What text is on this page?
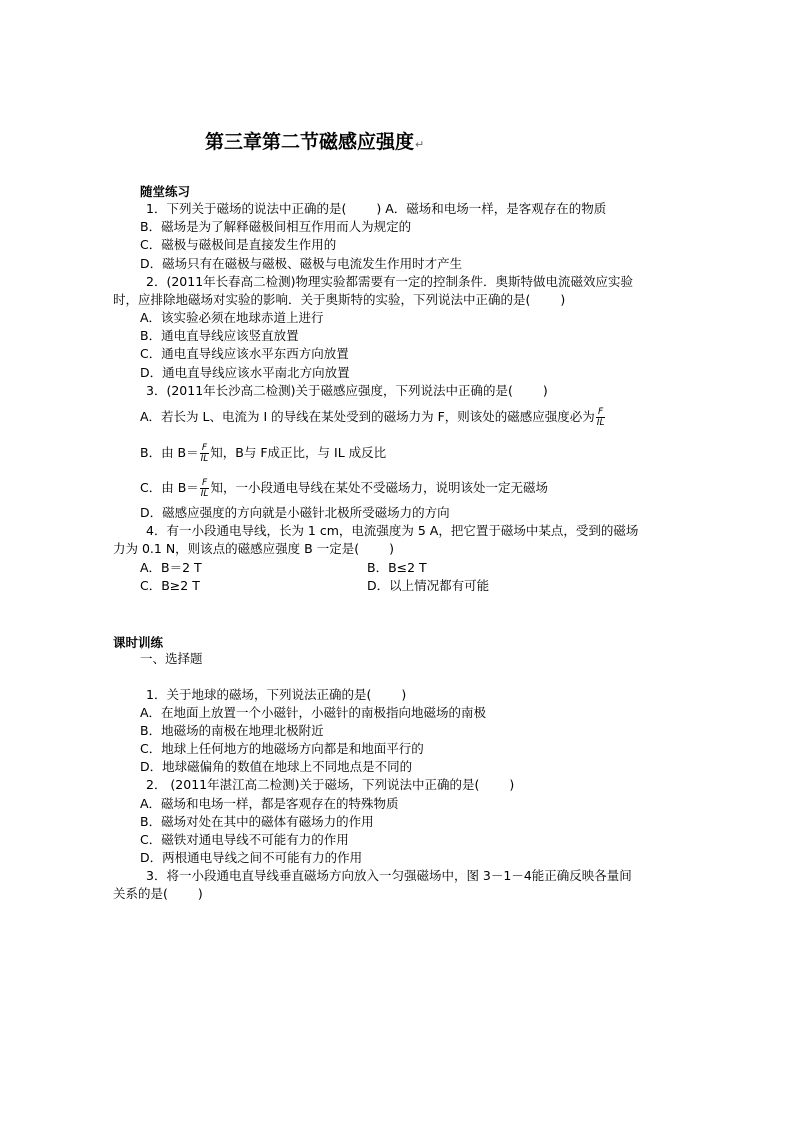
第三章第二节磁感应强度↵
随堂练习
1．下列关于磁场的说法中正确的是( ) A．磁场和电场一样，是客观存在的物质
B．磁场是为了解释磁极间相互作用而人为规定的
C．磁极与磁极间是直接发生作用的
D．磁场只有在磁极与磁极、磁极与电流发生作用时才产生
2．(2011年长春高二检测)物理实验都需要有一定的控制条件．奥斯特做电流磁效应实验
时，应排除地磁场对实验的影响．关于奥斯特的实验，下列说法中正确的是( )
A．该实验必须在地球赤道上进行
B．通电直导线应该竖直放置
C．通电直导线应该水平东西方向放置
D．通电直导线应该水平南北方向放置
3．(2011年长沙高二检测)关于磁感应强度，下列说法中正确的是( )
A．若长为 L、电流为 I 的导线在某处受到的磁场力为 F，则该处的磁感应强度必为 $\frac{F}{IL}$
B．由 $B= \frac{F}{IL}$ 知，B与 F成正比，与 IL 成反比
C．由 $B= \frac{F}{IL}$ 知，一小段通电导线在某处不受磁场力，说明该处一定无磁场
D．磁感应强度的方向就是小磁针北极所受磁场力的方向
4．有一小段通电导线，长为 1 cm，电流强度为 5 A，把它置于磁场中某点，受到的磁场
力为 0.1 N，则该点的磁感应强度 B 一定是( )
A．B＝2 T	B．B≤2 T
C．B≥2 T	D．以上情况都有可能
课时训练
一、选择题
1．关于地球的磁场，下列说法正确的是( )
A．在地面上放置一个小磁针，小磁针的南极指向地磁场的南极
B．地磁场的南极在地理北极附近
C．地球上任何地方的地磁场方向都是和地面平行的
D．地球磁偏角的数值在地球上不同地点是不同的
2． (2011年湛江高二检测)关于磁场，下列说法中正确的是( )
A．磁场和电场一样，都是客观存在的特殊物质
B．磁场对处在其中的磁体有磁场力的作用
C．磁铁对通电导线不可能有力的作用
D．两根通电导线之间不可能有力的作用
3．将一小段通电直导线垂直磁场方向放入一匀强磁场中，图 3－1－4能正确反映各量间
关系的是( )
